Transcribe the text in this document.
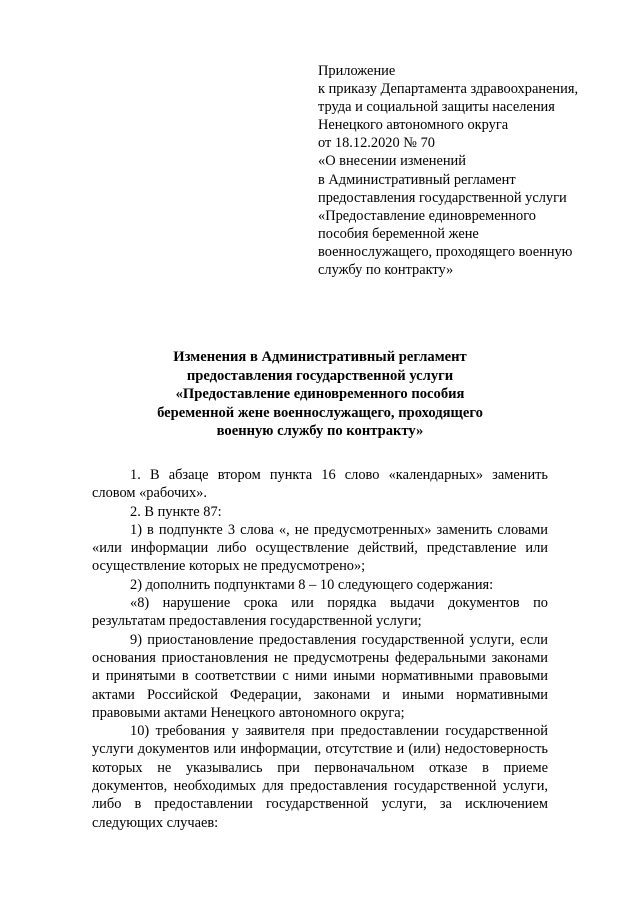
Приложение
к приказу Департамента здравоохранения,
труда и социальной защиты населения
Ненецкого автономного округа
от 18.12.2020 № 70
«О внесении изменений
в Административный регламент
предоставления государственной услуги
«Предоставление единовременного
пособия беременной жене
военнослужащего, проходящего военную
службу по контракту»
Изменения в Административный регламент
предоставления государственной услуги
«Предоставление единовременного пособия
беременной жене военнослужащего, проходящего
военную службу по контракту»

1. В абзаце втором пункта 16 слово «календарных» заменить словом «рабочих».

2. В пункте 87:

1) в подпункте 3 слова «, не предусмотренных» заменить словами «или информации либо осуществление действий, представление или осуществление которых не предусмотрено»;

2) дополнить подпунктами 8 – 10 следующего содержания:

«8) нарушение срока или порядка выдачи документов по результатам предоставления государственной услуги;

9) приостановление предоставления государственной услуги, если основания приостановления не предусмотрены федеральными законами и принятыми в соответствии с ними иными нормативными правовыми актами Российской Федерации, законами и иными нормативными правовыми актами Ненецкого автономного округа;

10) требования у заявителя при предоставлении государственной услуги документов или информации, отсутствие и (или) недостоверность которых не указывались при первоначальном отказе в приеме документов, необходимых для предоставления государственной услуги, либо в предоставлении государственной услуги, за исключением следующих случаев:
